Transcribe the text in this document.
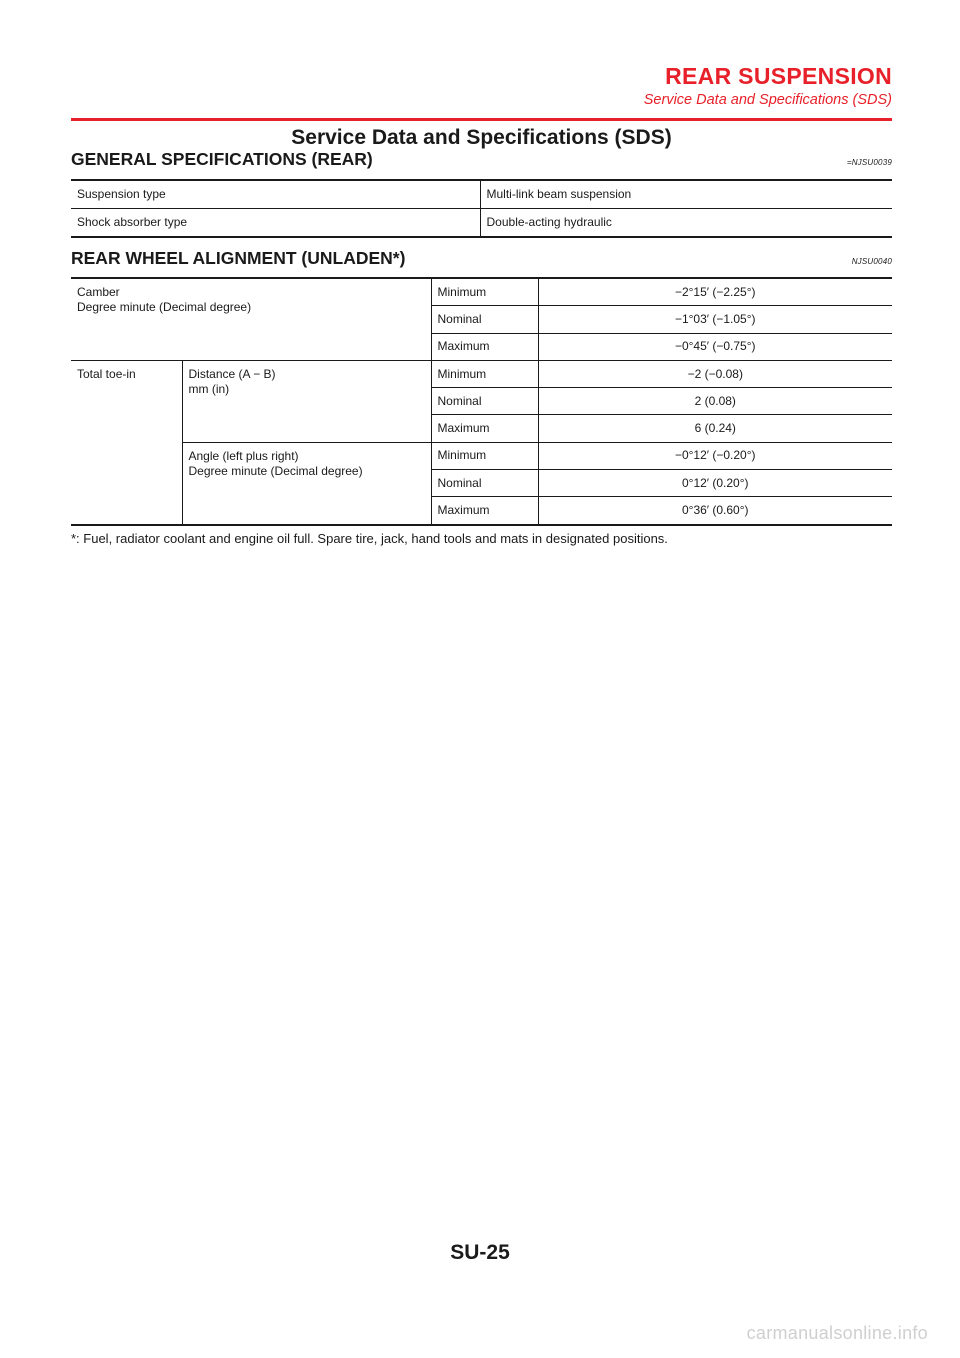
REAR SUSPENSION
Service Data and Specifications (SDS)
Service Data and Specifications (SDS)
GENERAL SPECIFICATIONS (REAR)	=NJSU0039
Suspension type	Multi-link beam suspension
Shock absorber type	Double-acting hydraulic
REAR WHEEL ALIGNMENT (UNLADEN*)	NJSU0040
Camber
Degree minute (Decimal degree)		Minimum	−2°15′ (−2.25°)
		Nominal	−1°03′ (−1.05°)
		Maximum	−0°45′ (−0.75°)
Total toe-in	Distance (A − B)
mm (in)	Minimum	−2 (−0.08)
		Nominal	2 (0.08)
		Maximum	6 (0.24)

	Angle (left plus right)
Degree minute (Decimal degree)	Minimum	−0°12′ (−0.20°)
		Nominal	0°12′ (0.20°)
		Maximum	0°36′ (0.60°)
*: Fuel, radiator coolant and engine oil full. Spare tire, jack, hand tools and mats in designated positions.
SU-25
carmanualsonline.info
